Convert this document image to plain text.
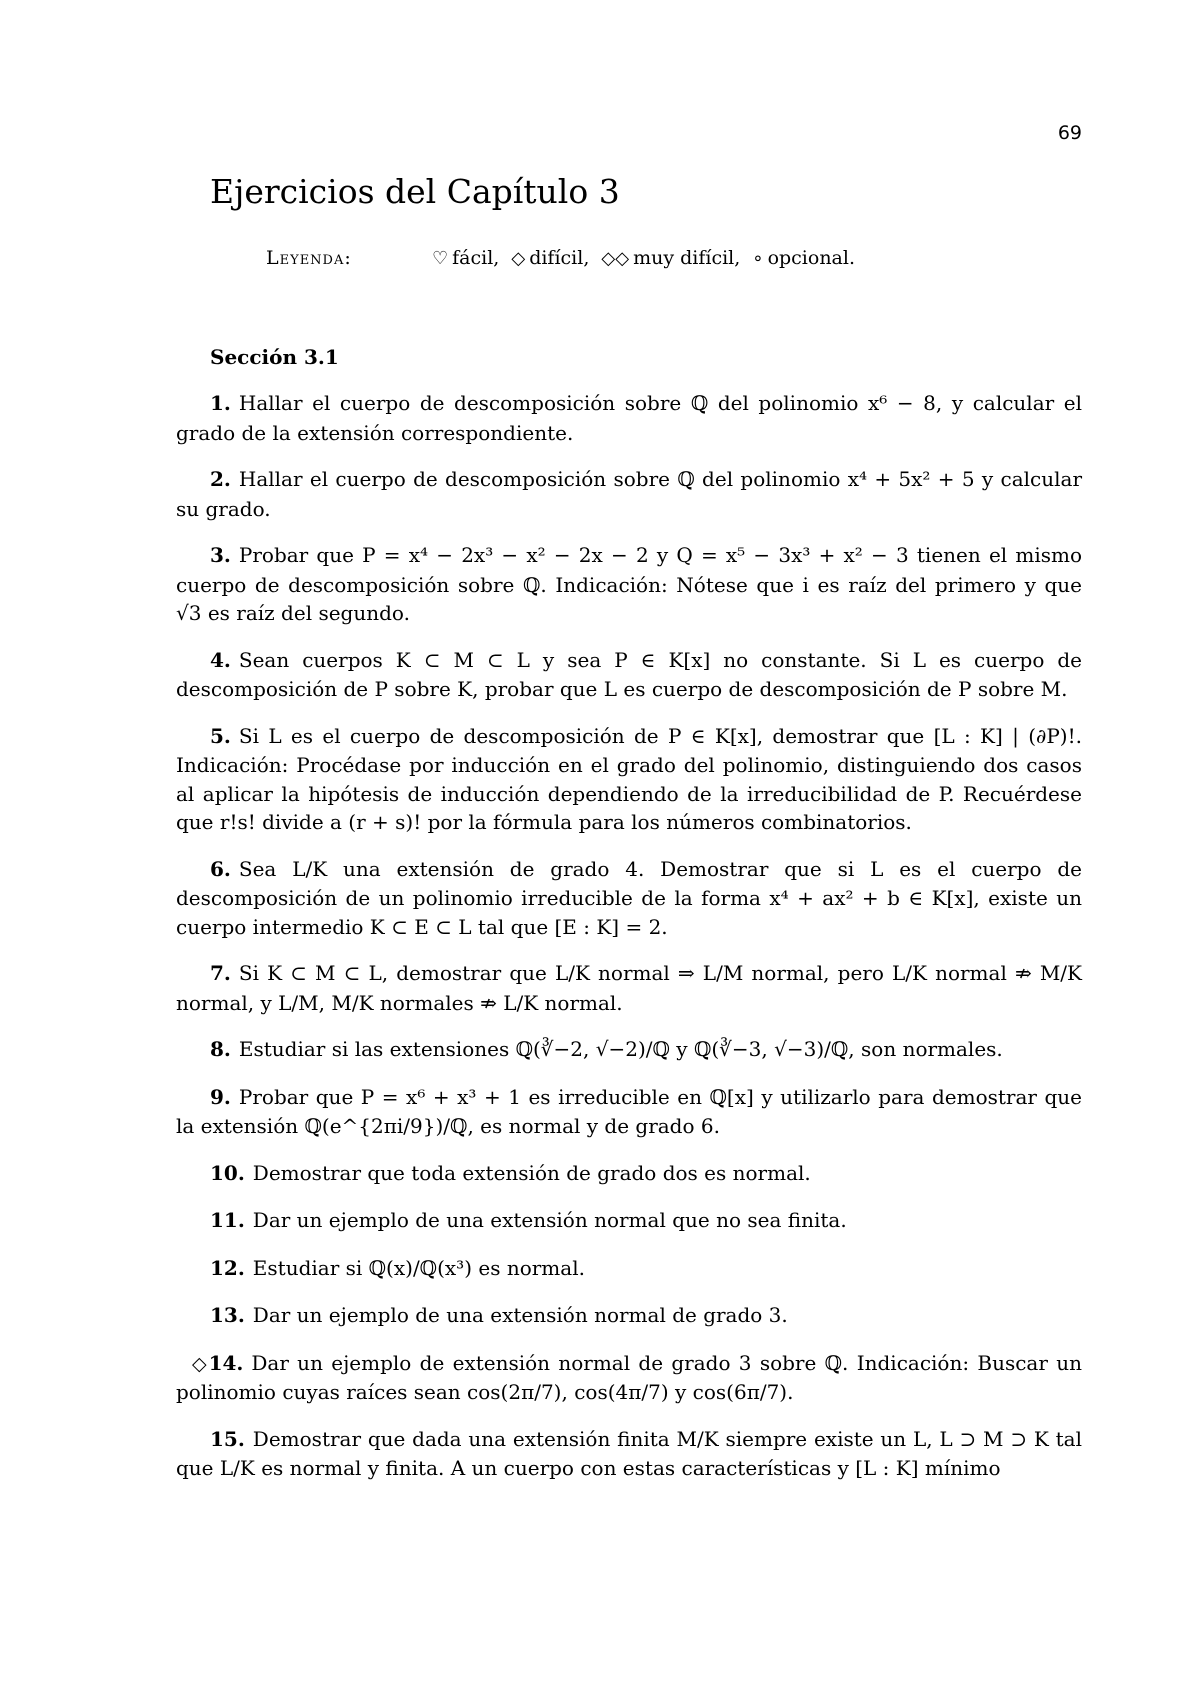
69
Ejercicios del Capítulo 3
Leyenda:	♡ fácil, ◇ difícil, ◇◇ muy difícil, ∘ opcional.
Sección 3.1

1. Hallar el cuerpo de descomposición sobre ℚ del polinomio x⁶ − 8, y calcular el grado de la extensión correspondiente.

2. Hallar el cuerpo de descomposición sobre ℚ del polinomio x⁴ + 5x² + 5 y calcular su grado.

3. Probar que P = x⁴ − 2x³ − x² − 2x − 2 y Q = x⁵ − 3x³ + x² − 3 tienen el mismo cuerpo de descomposición sobre ℚ. Indicación: Nótese que i es raíz del primero y que √3 es raíz del segundo.

4. Sean cuerpos K ⊂ M ⊂ L y sea P ∈ K[x] no constante. Si L es cuerpo de descomposición de P sobre K, probar que L es cuerpo de descomposición de P sobre M.

5. Si L es el cuerpo de descomposición de P ∈ K[x], demostrar que [L : K] | (∂P)!. Indicación: Procédase por inducción en el grado del polinomio, distinguiendo dos casos al aplicar la hipótesis de inducción dependiendo de la irreducibilidad de P. Recuérdese que r!s! divide a (r + s)! por la fórmula para los números combinatorios.

6. Sea L/K una extensión de grado 4. Demostrar que si L es el cuerpo de descomposición de un polinomio irreducible de la forma x⁴ + ax² + b ∈ K[x], existe un cuerpo intermedio K ⊂ E ⊂ L tal que [E : K] = 2.

7. Si K ⊂ M ⊂ L, demostrar que L/K normal ⇒ L/M normal, pero L/K normal ⇏ M/K normal, y L/M, M/K normales ⇏ L/K normal.

8. Estudiar si las extensiones ℚ(∛−2, √−2)/ℚ y ℚ(∛−3, √−3)/ℚ, son normales.

9. Probar que P = x⁶ + x³ + 1 es irreducible en ℚ[x] y utilizarlo para demostrar que la extensión ℚ(e^{2πi/9})/ℚ, es normal y de grado 6.

10. Demostrar que toda extensión de grado dos es normal.

11. Dar un ejemplo de una extensión normal que no sea finita.

12. Estudiar si ℚ(x)/ℚ(x³) es normal.

13. Dar un ejemplo de una extensión normal de grado 3.

◇14. Dar un ejemplo de extensión normal de grado 3 sobre ℚ. Indicación: Buscar un polinomio cuyas raíces sean cos(2π/7), cos(4π/7) y cos(6π/7).

15. Demostrar que dada una extensión finita M/K siempre existe un L, L ⊃ M ⊃ K tal que L/K es normal y finita. A un cuerpo con estas características y [L : K] mínimo
